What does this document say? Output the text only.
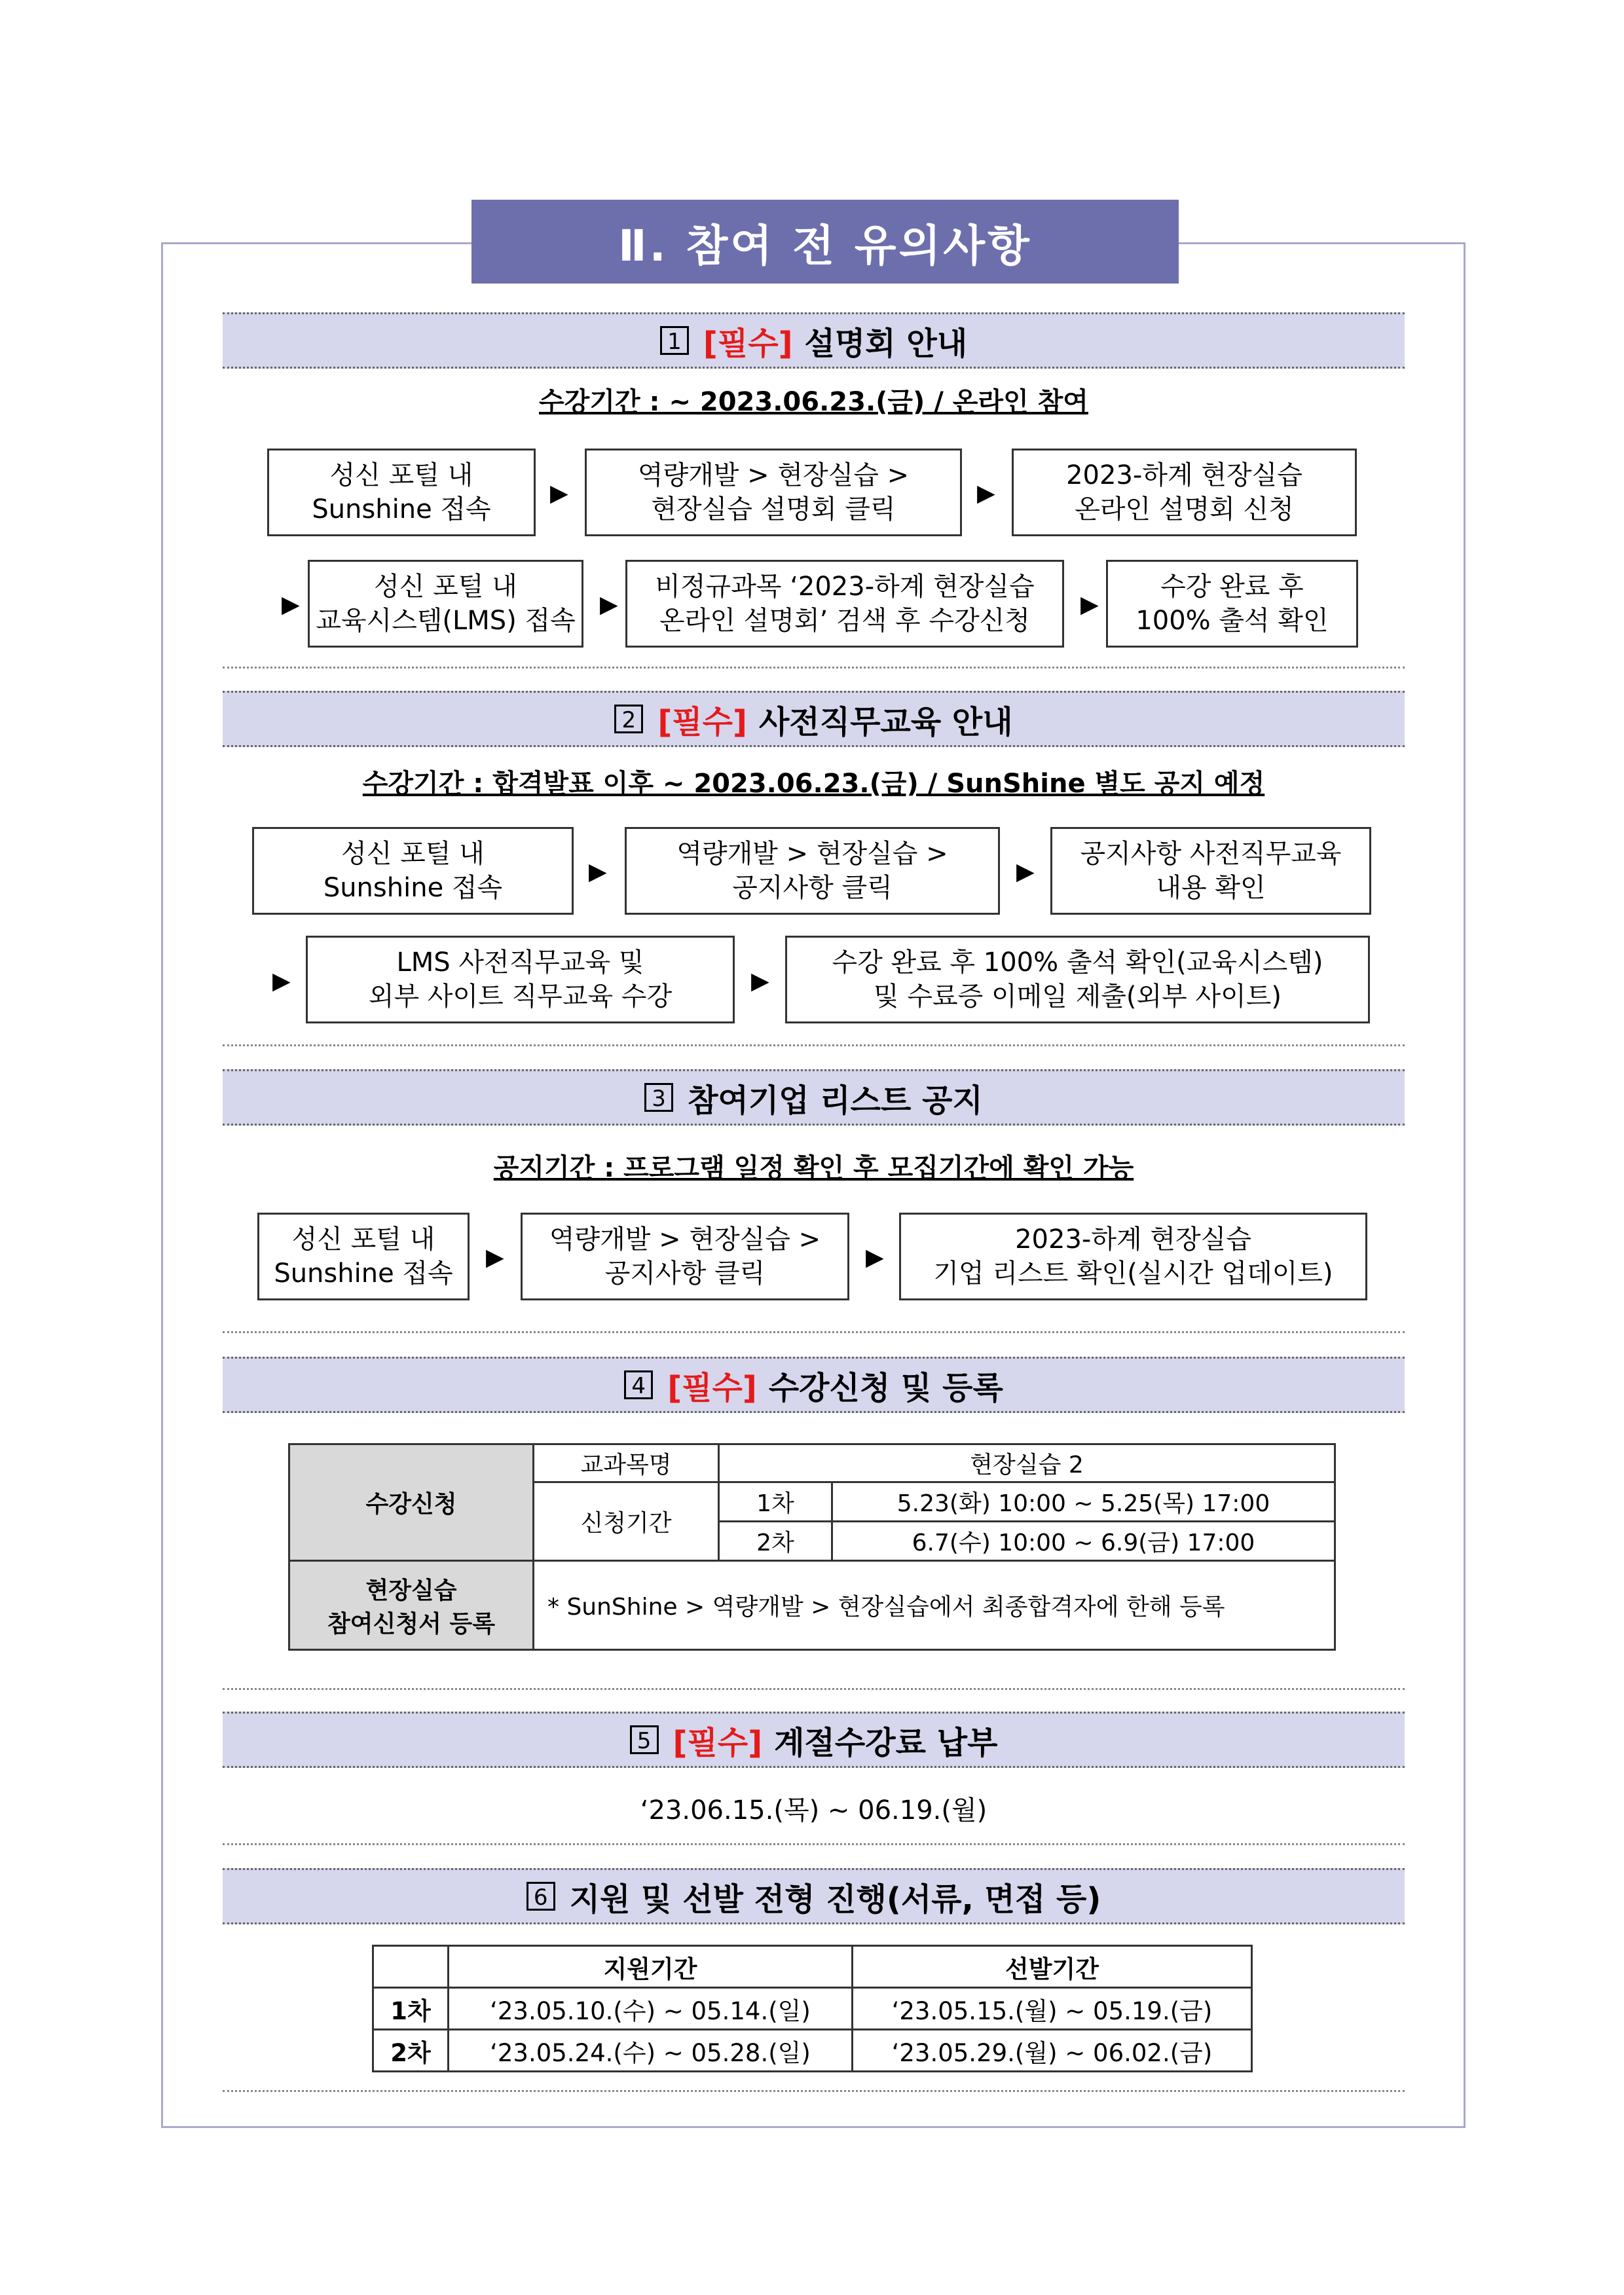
Ⅱ. 참여 전 유의사항
1 [필수] 설명회 안내
수강기간 : ~ 2023.06.23.(금) / 온라인 참여
성신 포털 내
Sunshine 접속
▶
역량개발 > 현장실습 >
현장실습 설명회 클릭
▶
2023-하계 현장실습
온라인 설명회 신청
▶
성신 포털 내
교육시스템(LMS) 접속
▶
비정규과목 ‘2023-하계 현장실습
온라인 설명회’ 검색 후 수강신청
▶
수강 완료 후
100% 출석 확인
2 [필수] 사전직무교육 안내
수강기간 : 합격발표 이후 ~ 2023.06.23.(금) / SunShine 별도 공지 예정
성신 포털 내
Sunshine 접속
▶
역량개발 > 현장실습 >
공지사항 클릭
▶
공지사항 사전직무교육
내용 확인
▶
LMS 사전직무교육 및
외부 사이트 직무교육 수강
▶
수강 완료 후 100% 출석 확인(교육시스템)
및 수료증 이메일 제출(외부 사이트)
3 참여기업 리스트 공지
공지기간 : 프로그램 일정 확인 후 모집기간에 확인 가능
성신 포털 내
Sunshine 접속
▶
역량개발 > 현장실습 >
공지사항 클릭
▶
2023-하계 현장실습
기업 리스트 확인(실시간 업데이트)
4 [필수] 수강신청 및 등록
수강신청	교과목명	현장실습 2	
	신청기간	1차	5.23(화) 10:00 ~ 5.25(목) 17:00
		2차	6.7(수) 10:00 ~ 6.9(금) 17:00

현장실습
참여신청서 등록	* SunShine > 역량개발 > 현장실습에서 최종합격자에 한해 등록		
5 [필수] 계절수강료 납부
‘23.06.15.(목) ~ 06.19.(월)
6 지원 및 선발 전형 진행(서류, 면접 등)
	지원기간	선발기간
1차	‘23.05.10.(수) ~ 05.14.(일)	‘23.05.15.(월) ~ 05.19.(금)
2차	‘23.05.24.(수) ~ 05.28.(일)	‘23.05.29.(월) ~ 06.02.(금)
